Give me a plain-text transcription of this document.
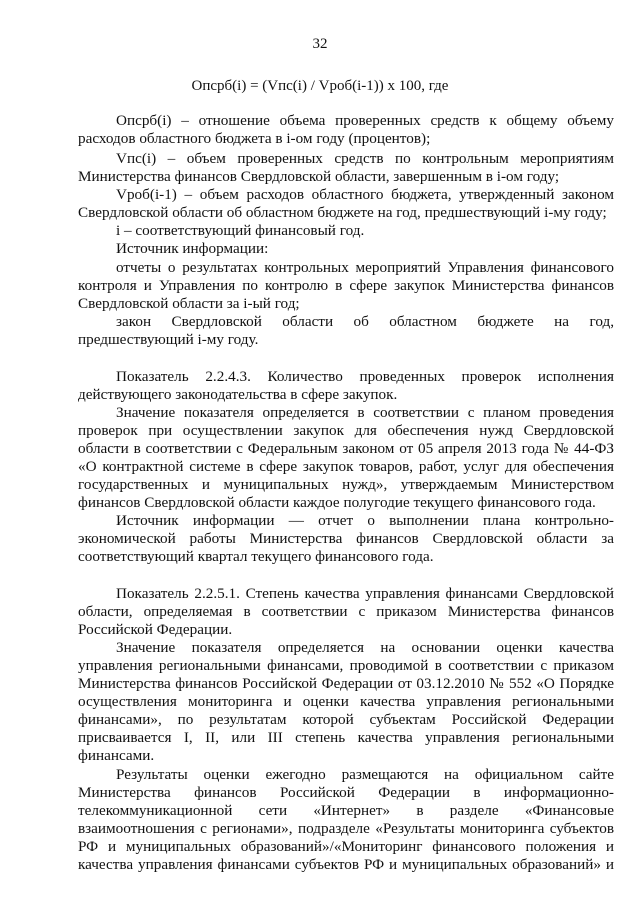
32
Опсрб(i) = (Vпс(i) / Vроб(i-1)) х 100, где
Опсрб(i) – отношение объема проверенных средств к общему объему
расходов областного бюджета в i-ом году (процентов);
Vпс(i) – объем проверенных средств по контрольным мероприятиям
Министерства финансов Свердловской области, завершенным в i-ом году;
Vроб(i-1) – объем расходов областного бюджета, утвержденный законом
Свердловской области об областном бюджете на год, предшествующий i-му году;
i – соответствующий финансовый год.
Источник информации:
отчеты о результатах контрольных мероприятий Управления финансового
контроля и Управления по контролю в сфере закупок Министерства финансов
Свердловской области за i-ый год;
закон Свердловской области об областном бюджете на год,
предшествующий i-му году.
Показатель 2.2.4.3. Количество проведенных проверок исполнения
действующего законодательства в сфере закупок.
Значение показателя определяется в соответствии с планом проведения
проверок при осуществлении закупок для обеспечения нужд Свердловской
области в соответствии с Федеральным законом от 05 апреля 2013 года № 44-ФЗ
«О контрактной системе в сфере закупок товаров, работ, услуг для обеспечения
государственных и муниципальных нужд», утверждаемым Министерством
финансов Свердловской области каждое полугодие текущего финансового года.
Источник информации — отчет о выполнении плана контрольно-
экономической работы Министерства финансов Свердловской области за
соответствующий квартал текущего финансового года.
Показатель 2.2.5.1. Степень качества управления финансами Свердловской
области, определяемая в соответствии с приказом Министерства финансов
Российской Федерации.
Значение показателя определяется на основании оценки качества
управления региональными финансами, проводимой в соответствии с приказом
Министерства финансов Российской Федерации от 03.12.2010 № 552 «О Порядке
осуществления мониторинга и оценки качества управления региональными
финансами», по результатам которой субъектам Российской Федерации
присваивается I, II, или III степень качества управления региональными
финансами.
Результаты оценки ежегодно размещаются на официальном сайте
Министерства финансов Российской Федерации в информационно-
телекоммуникационной сети «Интернет» в разделе «Финансовые
взаимоотношения с регионами», подразделе «Результаты мониторинга субъектов
РФ и муниципальных образований»/«Мониторинг финансового положения и
качества управления финансами субъектов РФ и муниципальных образований» и
